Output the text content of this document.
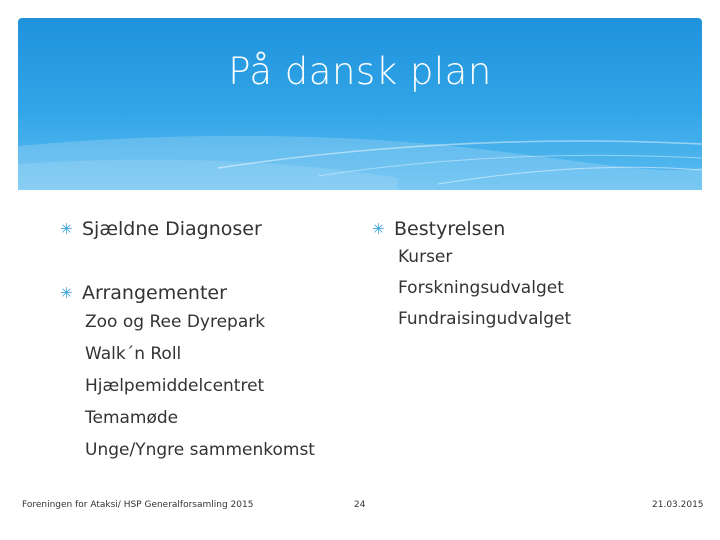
På dansk plan
✳ Sjældne Diagnoser
✳ Arrangementer
Zoo og Ree Dyrepark
Walk´n Roll
Hjælpemiddelcentret
Temamøde
Unge/Yngre sammenkomst
✳ Bestyrelsen
Kurser
Forskningsudvalget
Fundraisingudvalget
Foreningen for Ataksi/ HSP Generalforsamling 2015	24	21.03.2015
